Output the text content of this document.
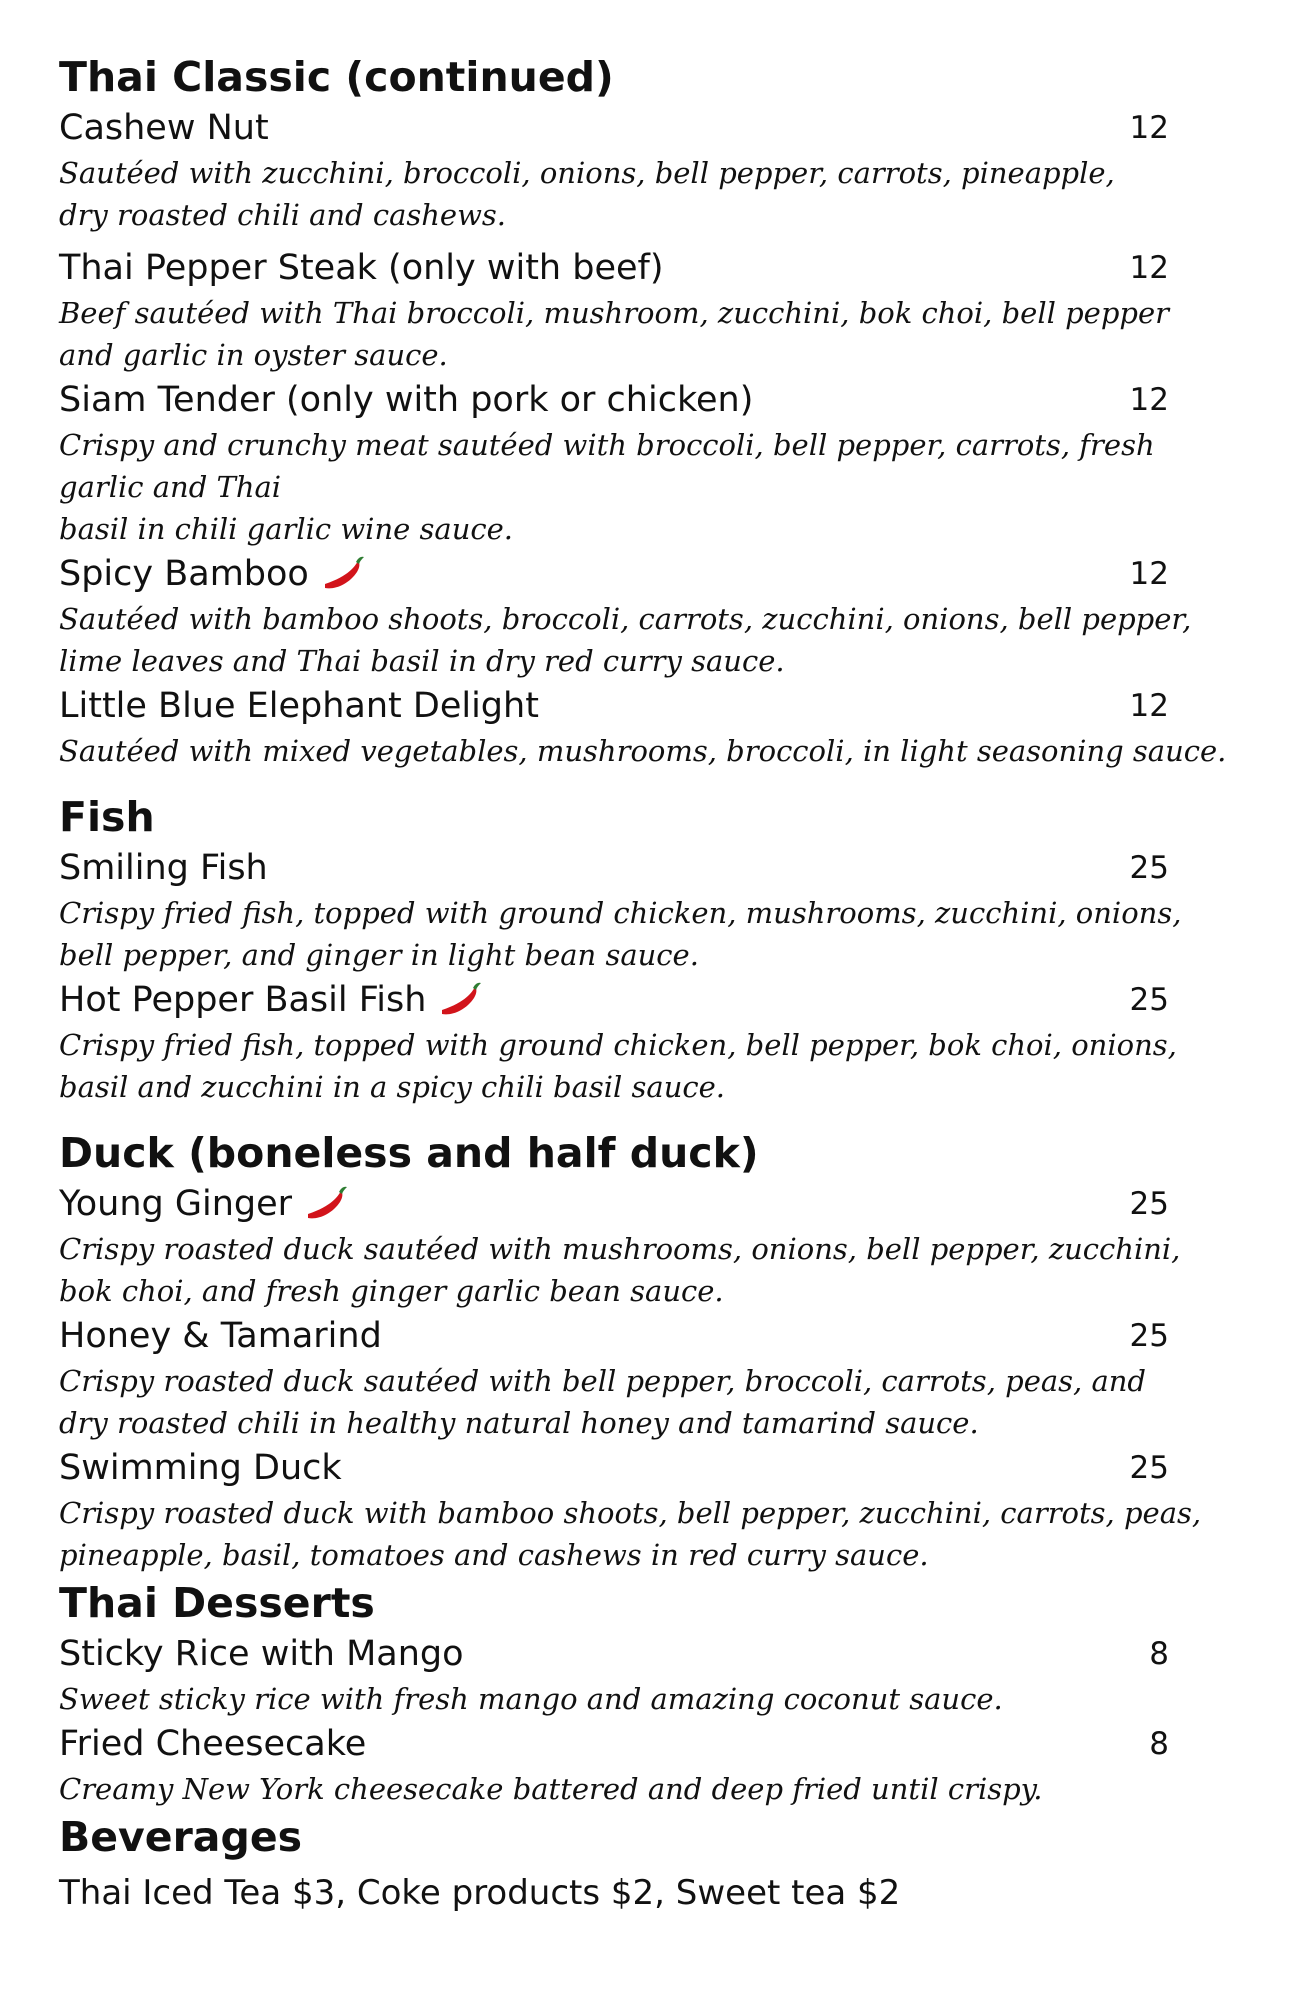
Thai Classic (continued)
Cashew Nut	12

Sautéed with zucchini, broccoli, onions, bell pepper, carrots, pineapple,
dry roasted chili and cashews.

Thai Pepper Steak (only with beef)	12

Beef sautéed with Thai broccoli, mushroom, zucchini, bok choi, bell pepper
and garlic in oyster sauce.

Siam Tender (only with pork or chicken)	12

Crispy and crunchy meat sautéed with broccoli, bell pepper, carrots, fresh garlic and Thai
basil in chili garlic wine sauce.

Spicy Bamboo	12

Sautéed with bamboo shoots, broccoli, carrots, zucchini, onions, bell pepper,
lime leaves and Thai basil in dry red curry sauce.

Little Blue Elephant Delight	12

Sautéed with mixed vegetables, mushrooms, broccoli, in light seasoning sauce.

Fish
Smiling Fish	25

Crispy fried fish, topped with ground chicken, mushrooms, zucchini, onions,
bell pepper, and ginger in light bean sauce.

Hot Pepper Basil Fish	25

Crispy fried fish, topped with ground chicken, bell pepper, bok choi, onions,
basil and zucchini in a spicy chili basil sauce.

Duck (boneless and half duck)
Young Ginger	25

Crispy roasted duck sautéed with mushrooms, onions, bell pepper, zucchini,
bok choi, and fresh ginger garlic bean sauce.

Honey & Tamarind	25

Crispy roasted duck sautéed with bell pepper, broccoli, carrots, peas, and
dry roasted chili in healthy natural honey and tamarind sauce.

Swimming Duck	25

Crispy roasted duck with bamboo shoots, bell pepper, zucchini, carrots, peas,
pineapple, basil, tomatoes and cashews in red curry sauce.

Thai Desserts
Sticky Rice with Mango	8

Sweet sticky rice with fresh mango and amazing coconut sauce.

Fried Cheesecake	8

Creamy New York cheesecake battered and deep fried until crispy.

Beverages
Thai Iced Tea $3, Coke products $2, Sweet tea $2
